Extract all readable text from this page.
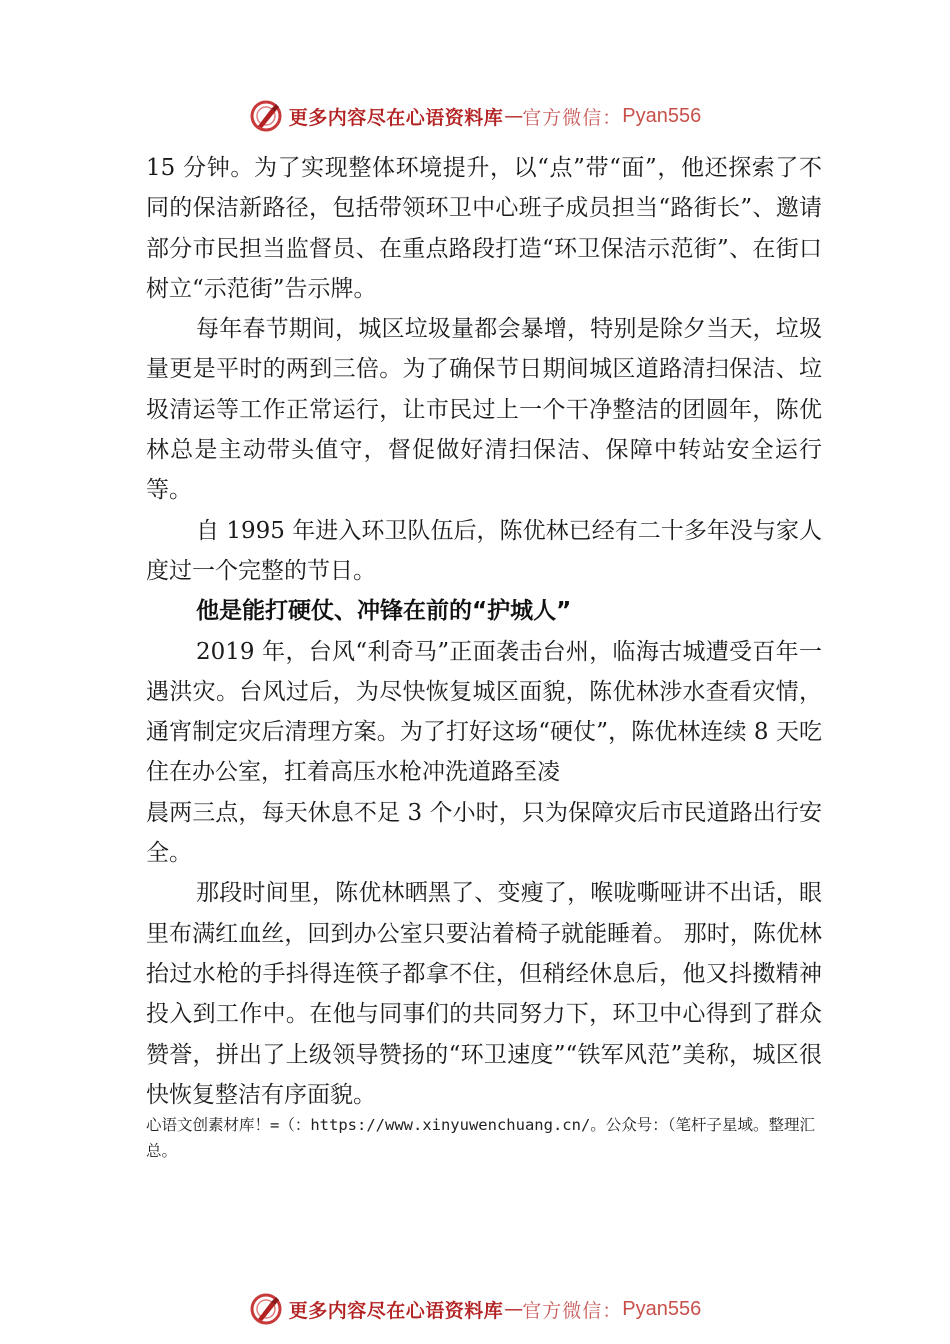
更多内容尽在心语资料库 — 官方微信： Pyan556

15 分钟。为了实现整体环境提升，以“点”带“面”，他还探索了不同的保洁新路径，包括带领环卫中心班子成员担当“路街长”、邀请部分市民担当监督员、在重点路段打造“环卫保洁示范街”、在街口树立“示范街”告示牌。

每年春节期间，城区垃圾量都会暴增，特别是除夕当天，垃圾量更是平时的两到三倍。为了确保节日期间城区道路清扫保洁、垃圾清运等工作正常运行，让市民过上一个干净整洁的团圆年，陈优林总是主动带头值守，督促做好清扫保洁、保障中转站安全运行等。

自 1995 年进入环卫队伍后，陈优林已经有二十多年没与家人度过一个完整的节日。

他是能打硬仗、冲锋在前的“护城人”

2019 年，台风“利奇马”正面袭击台州，临海古城遭受百年一遇洪灾。台风过后，为尽快恢复城区面貌，陈优林涉水查看灾情，通宵制定灾后清理方案。为了打好这场“硬仗”，陈优林连续 8 天吃住在办公室，扛着高压水枪冲洗道路至凌

晨两三点，每天休息不足 3 个小时，只为保障灾后市民道路出行安全。

那段时间里，陈优林晒黑了、变瘦了，喉咙嘶哑讲不出话，眼里布满红血丝，回到办公室只要沾着椅子就能睡着。 那时，陈优林抬过水枪的手抖得连筷子都拿不住，但稍经休息后，他又抖擞精神投入到工作中。在他与同事们的共同努力下，环卫中心得到了群众赞誉，拼出了上级领导赞扬的“环卫速度”“铁军风范”美称，城区很快恢复整洁有序面貌。

心语文创素材库！=（：https://www.xinyuwenchuang.cn/。公众号：（笔杆子星域。整理汇总。
更多内容尽在心语资料库 — 官方微信： Pyan556
